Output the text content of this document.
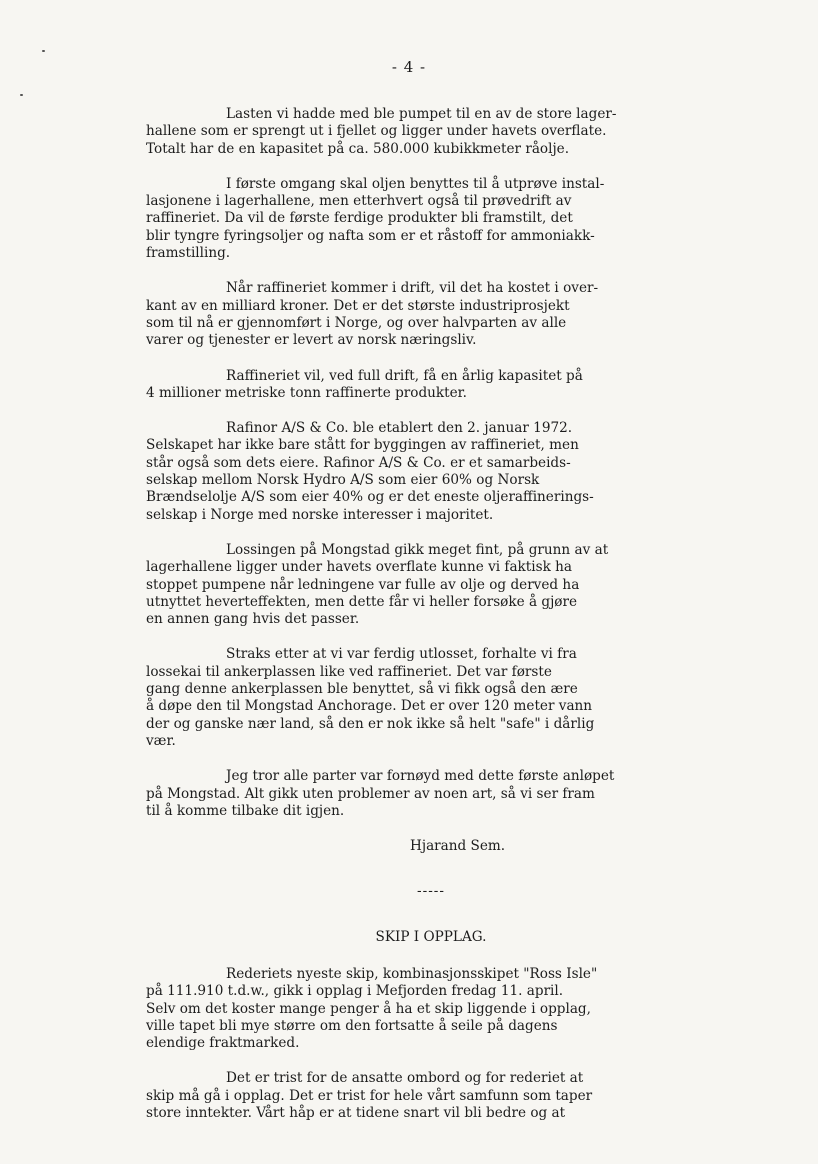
- 4 -
Lasten vi hadde med ble pumpet til en av de store lager-
hallene som er sprengt ut i fjellet og ligger under havets overflate.
Totalt har de en kapasitet på ca. 580.000 kubikkmeter råolje.
I første omgang skal oljen benyttes til å utprøve instal-
lasjonene i lagerhallene, men etterhvert også til prøvedrift av
raffineriet. Da vil de første ferdige produkter bli framstilt, det
blir tyngre fyringsoljer og nafta som er et råstoff for ammoniakk-
framstilling.
Når raffineriet kommer i drift, vil det ha kostet i over-
kant av en milliard kroner. Det er det største industriprosjekt
som til nå er gjennomført i Norge, og over halvparten av alle
varer og tjenester er levert av norsk næringsliv.
Raffineriet vil, ved full drift, få en årlig kapasitet på
4 millioner metriske tonn raffinerte produkter.
Rafinor A/S & Co. ble etablert den 2. januar 1972.
Selskapet har ikke bare stått for byggingen av raffineriet, men
står også som dets eiere. Rafinor A/S & Co. er et samarbeids-
selskap mellom Norsk Hydro A/S som eier 60% og Norsk
Brændselolje A/S som eier 40% og er det eneste oljeraffinerings-
selskap i Norge med norske interesser i majoritet.
Lossingen på Mongstad gikk meget fint, på grunn av at
lagerhallene ligger under havets overflate kunne vi faktisk ha
stoppet pumpene når ledningene var fulle av olje og derved ha
utnyttet heverteffekten, men dette får vi heller forsøke å gjøre
en annen gang hvis det passer.
Straks etter at vi var ferdig utlosset, forhalte vi fra
lossekai til ankerplassen like ved raffineriet. Det var første
gang denne ankerplassen ble benyttet, så vi fikk også den ære
å døpe den til Mongstad Anchorage. Det er over 120 meter vann
der og ganske nær land, så den er nok ikke så helt "safe" i dårlig
vær.
Jeg tror alle parter var fornøyd med dette første anløpet
på Mongstad. Alt gikk uten problemer av noen art, så vi ser fram
til å komme tilbake dit igjen.
Hjarand Sem.
-----
SKIP I OPPLAG.
Rederiets nyeste skip, kombinasjonsskipet "Ross Isle"
på 111.910 t.d.w., gikk i opplag i Mefjorden fredag 11. april.
Selv om det koster mange penger å ha et skip liggende i opplag,
ville tapet bli mye større om den fortsatte å seile på dagens
elendige fraktmarked.
Det er trist for de ansatte ombord og for rederiet at
skip må gå i opplag. Det er trist for hele vårt samfunn som taper
store inntekter. Vårt håp er at tidene snart vil bli bedre og at
